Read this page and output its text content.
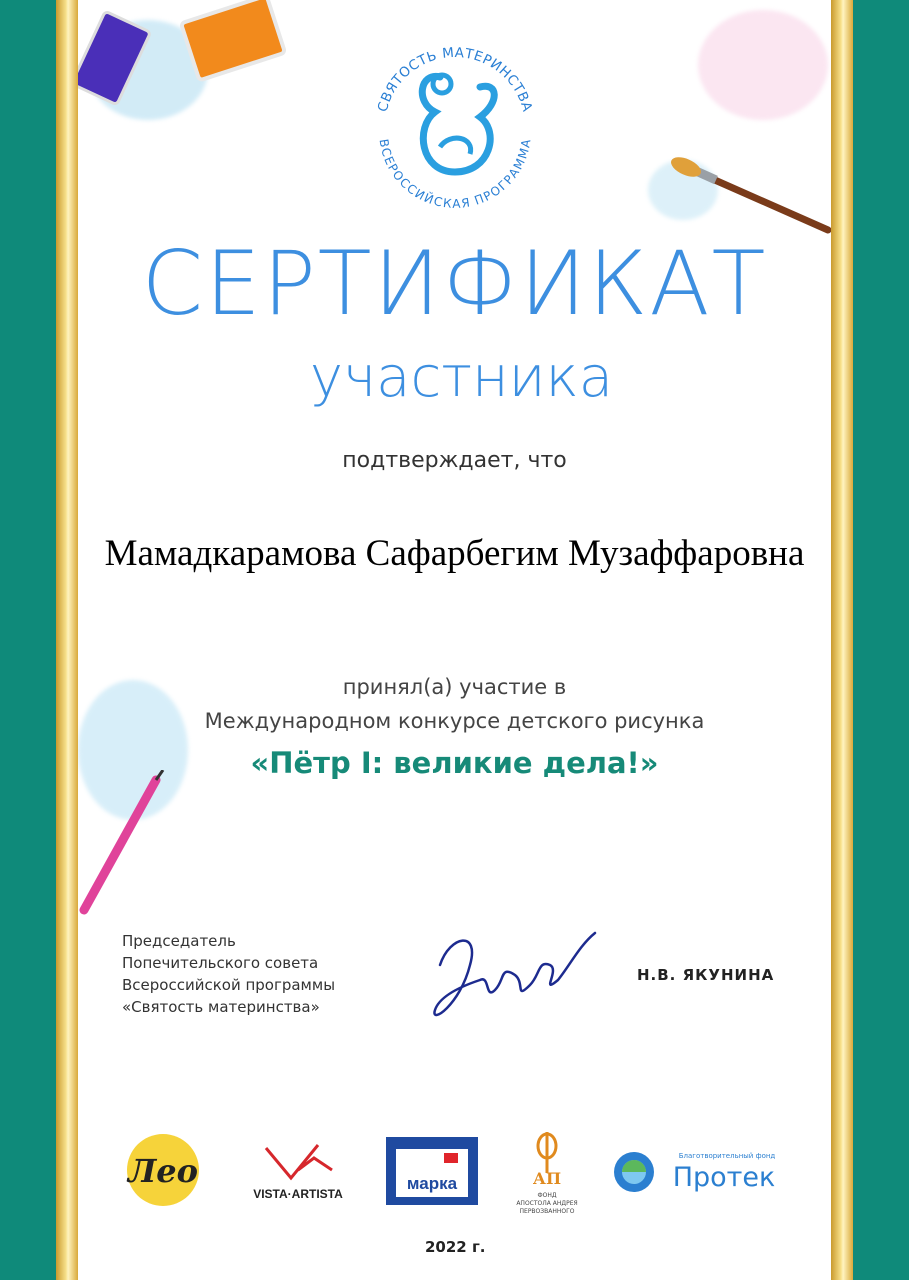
СВЯТОСТЬ МАТЕРИНСТВА
ВСЕРОССИЙСКАЯ ПРОГРАММА
СЕРТИФИКАТ
участника
подтверждает, что
Мамадкарамова Сафарбегим Музаффаровна
принял(а) участие в
Международном конкурсе детского рисунка
«Пётр I: великие дела!»
Председатель
Попечительского совета
Всероссийской программы
«Святость материнства»
Н.В. ЯКУНИНА
Лео
VISTA·ARTISTA
марка	АП
ФОНД
АПОСТОЛА АНДРЕЯ
ПЕРВОЗВАННОГО
Благотворительный фонд
Протек
2022 г.
